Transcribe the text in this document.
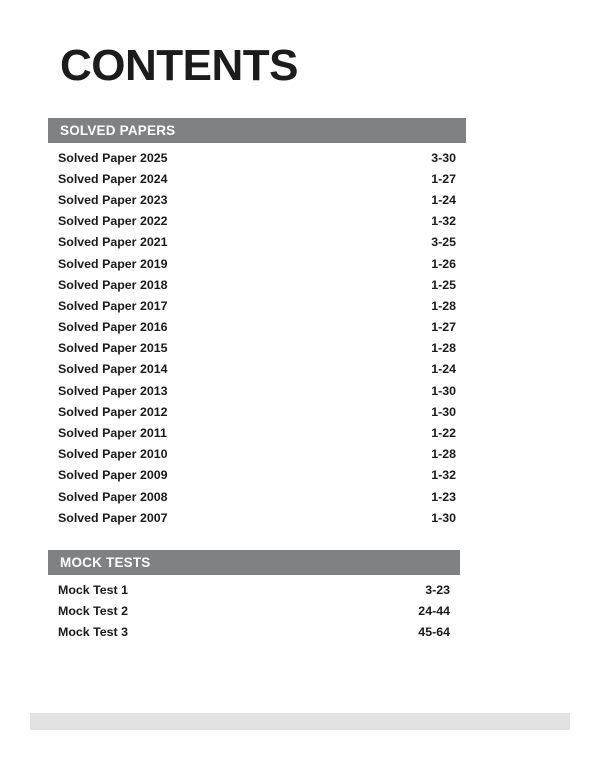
CONTENTS
SOLVED PAPERS
Solved Paper 2025	3-30
Solved Paper 2024	1-27
Solved Paper 2023	1-24
Solved Paper 2022	1-32
Solved Paper 2021	3-25
Solved Paper 2019	1-26
Solved Paper 2018	1-25
Solved Paper 2017	1-28
Solved Paper 2016	1-27
Solved Paper 2015	1-28
Solved Paper 2014	1-24
Solved Paper 2013	1-30
Solved Paper 2012	1-30
Solved Paper 2011	1-22
Solved Paper 2010	1-28
Solved Paper 2009	1-32
Solved Paper 2008	1-23
Solved Paper 2007	1-30
MOCK TESTS
Mock Test 1	3-23
Mock Test 2	24-44
Mock Test 3	45-64
